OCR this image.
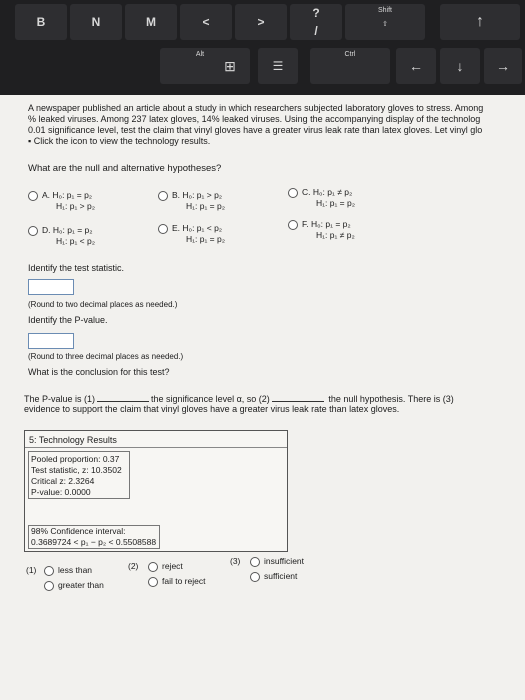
B	N	M	<	>
?
/
Shift
⇧	↑
Alt
⊞	☰
Ctrl
←	↓	→
A newspaper published an article about a study in which researchers subjected laboratory gloves to stress. Among
% leaked viruses. Among 237 latex gloves, 14% leaked viruses. Using the accompanying display of the technolog
0.01 significance level, test the claim that vinyl gloves have a greater virus leak rate than latex gloves. Let vinyl glo
▪ Click the icon to view the technology results.
What are the null and alternative hypotheses?
A. H₀: p₁ = p₂
H₁: p₁ > p₂
B. H₀: p₁ > p₂
H₁: p₁ = p₂
C. H₀: p₁ ≠ p₂
H₁: p₁ = p₂
D. H₀: p₁ = p₂
H₁: p₁ < p₂
E. H₀: p₁ < p₂
H₁: p₁ = p₂
F. H₀: p₁ = p₂
H₁: p₁ ≠ p₂
Identify the test statistic.
(Round to two decimal places as needed.)
Identify the P-value.
(Round to three decimal places as needed.)
What is the conclusion for this test?
The P-value is (1)	the significance level α, so (2)	the null hypothesis. There is (3)
evidence to support the claim that vinyl gloves have a greater virus leak rate than latex gloves.
5: Technology Results
Pooled proportion: 0.37
Test statistic, z: 10.3502
Critical z: 2.3264
P-value: 0.0000
98% Confidence interval:
0.3689724 < p₁ − p₂ < 0.5508588
(1)	less than
greater than
(2)	reject
fail to reject
(3)	insufficient
sufficient
